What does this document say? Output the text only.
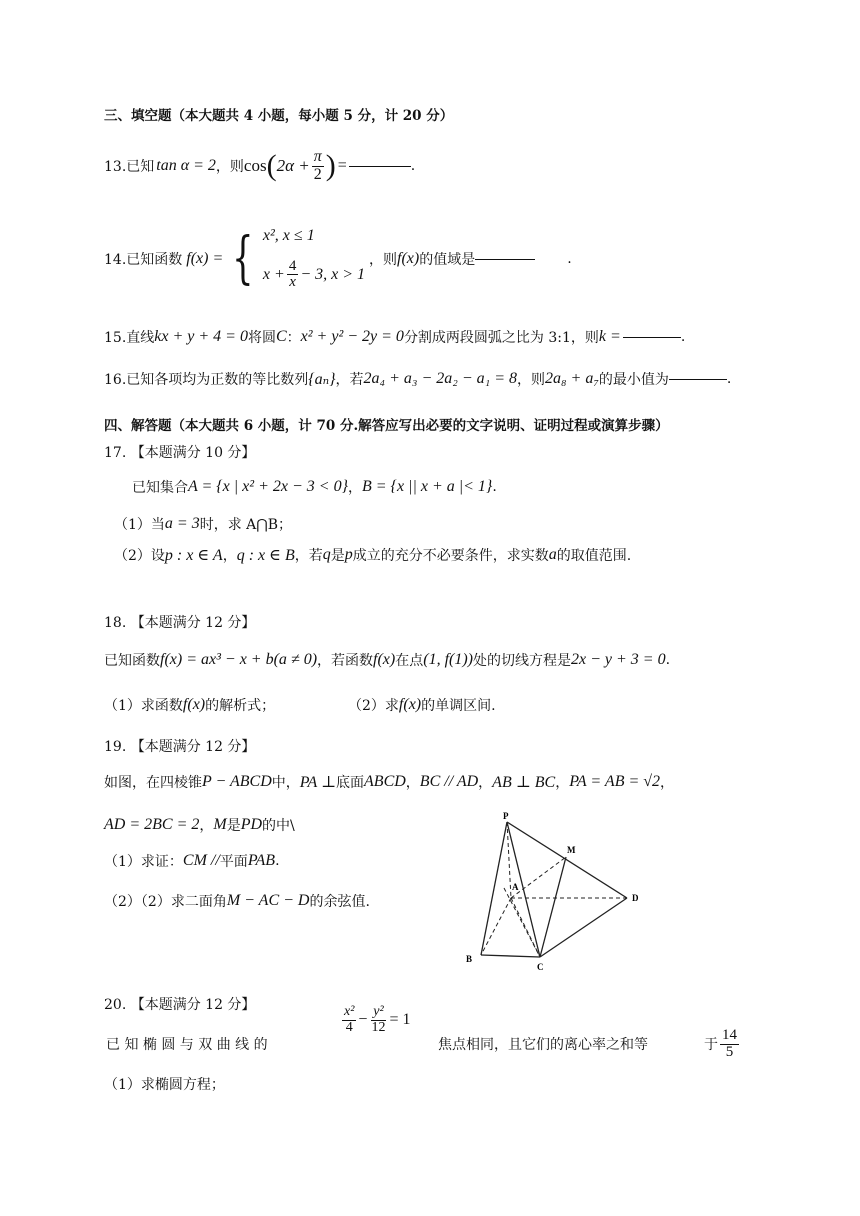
三、填空题（本大题共 4 小题，每小题 5 分，计 20 分）
13.已知 tan α = 2 ，则 cos ( $2\alpha + \frac{\pi}{2}$ ) =	.
14.已知函数 f(x) = { x², x ≤ 1
$x + \frac{4}{x} - 3$, x > 1
，则 f(x) 的值域是	.
15.直线 kx + y + 4 = 0 将圆 C ： x² + y² − 2y = 0 分割成两段圆弧之比为 3:1，则 k =	.
16.已知各项均为正数的等比数列 {aₙ} ，若 2a₄ + a₃ − 2a₂ − a₁ = 8 ，则 2a₈ + a₇ 的最小值为	.
四、解答题（本大题共 6 小题，计 70 分.解答应写出必要的文字说明、证明过程或演算步骤）
17. 【本题满分 10 分】
已知集合 A = {x | x² + 2x − 3 < 0} ， B = {x || x + a |< 1} .
（1）当 a = 3 时，求 A⋂B；
（2）设 p : x ∈ A ， q : x ∈ B ，若 q 是 p 成立的充分不必要条件，求实数 a 的取值范围.
18. 【本题满分 12 分】
已知函数 f(x) = ax³ − x + b(a ≠ 0) ，若函数 f(x) 在点 (1, f(1)) 处的切线方程是 2x − y + 3 = 0 .
（1）求函数 f(x) 的解析式；	（2）求 f(x) 的单调区间.
19. 【本题满分 12 分】
如图，在四棱锥 P − ABCD 中， PA ⊥ 底面 ABCD ， BC // AD ， AB ⊥ BC ， PA = AB = √2 ，
AD = 2BC = 2 ， M 是 PD 的中\
（1）求证： CM // 平面 PAB .
（2）（2）求二面角 M − AC − D 的余弦值.
P
M
A
D
B
C
20. 【本题满分 12 分】	$\frac{\text{x²}}{4} - \frac{\text{y²}}{12} = 1$
已 知 椭 圆 与 双 曲 线 的	焦点相同，且它们的离心率之和等	于 $\frac{14}{5}$
（1）求椭圆方程；
